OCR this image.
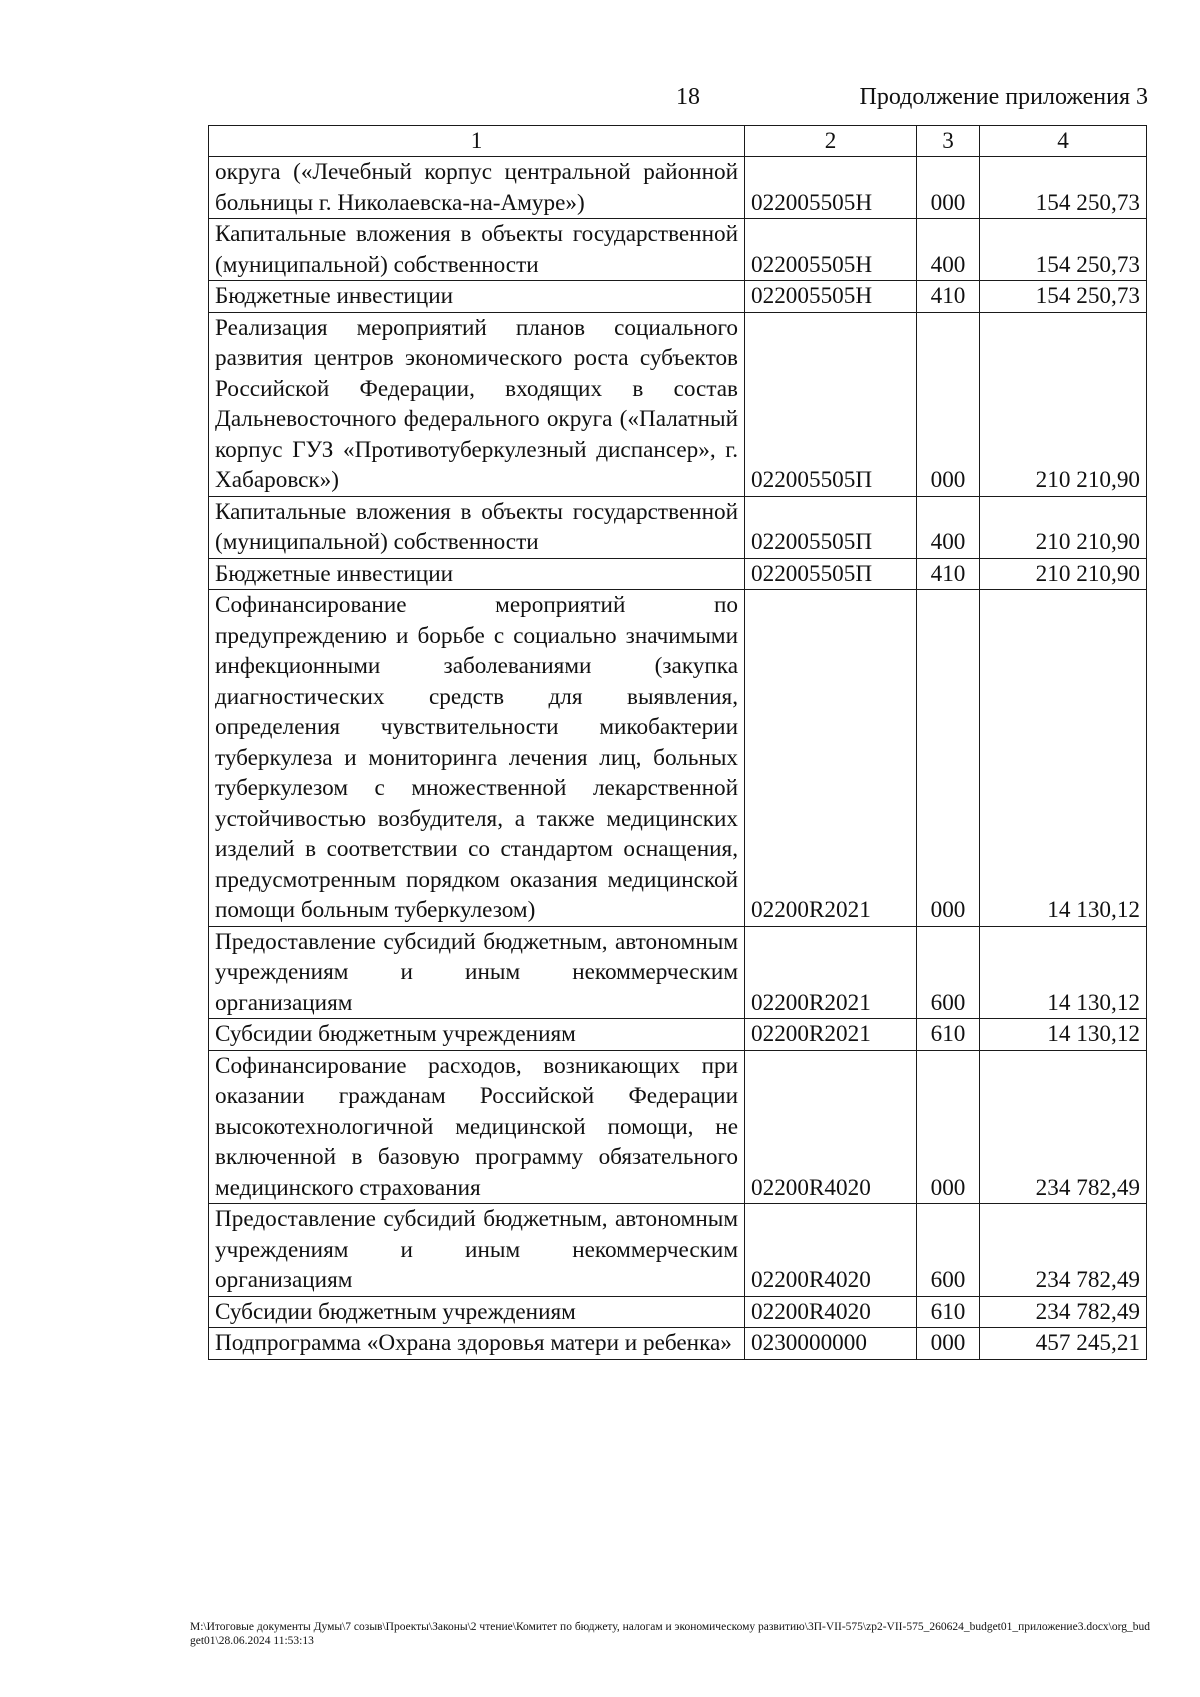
18	Продолжение приложения 3
1	2	3	4
округа («Лечебный корпус центральной районной больницы г. Николаевска-на-Амуре»)	022005505Н	000	154 250,73
Капитальные вложения в объекты государственной (муниципальной) собственности	022005505Н	400	154 250,73
Бюджетные инвестиции	022005505Н	410	154 250,73
Реализация мероприятий планов социального развития центров экономического роста субъектов Российской Федерации, входящих в состав Дальневосточного федерального округа («Палатный корпус ГУЗ «Противотуберкулезный диспансер», г. Хабаровск»)	022005505П	000	210 210,90
Капитальные вложения в объекты государственной (муниципальной) собственности	022005505П	400	210 210,90
Бюджетные инвестиции	022005505П	410	210 210,90
Софинансирование мероприятий по предупреждению и борьбе с социально значимыми инфекционными заболеваниями (закупка диагностических средств для выявления, определения чувствительности микобактерии туберкулеза и мониторинга лечения лиц, больных туберкулезом с множественной лекарственной устойчивостью возбудителя, а также медицинских изделий в соответствии со стандартом оснащения, предусмотренным порядком оказания медицинской помощи больным туберкулезом)	02200R2021	000	14 130,12
Предоставление субсидий бюджетным, автономным учреждениям и иным некоммерческим организациям	02200R2021	600	14 130,12
Субсидии бюджетным учреждениям	02200R2021	610	14 130,12
Софинансирование расходов, возникающих при оказании гражданам Российской Федерации высокотехнологичной медицинской помощи, не включенной в базовую программу обязательного медицинского страхования	02200R4020	000	234 782,49
Предоставление субсидий бюджетным, автономным учреждениям и иным некоммерческим организациям	02200R4020	600	234 782,49
Субсидии бюджетным учреждениям	02200R4020	610	234 782,49
Подпрограмма «Охрана здоровья матери и ребенка»	0230000000	000	457 245,21
M:\Итоговые документы Думы\7 созыв\Проекты\Законы\2 чтение\Комитет по бюджету, налогам и экономическому развитию\3П-VII-575\zp2-VII-575_260624_budget01_приложение3.docx\org_budget01\28.06.2024 11:53:13
